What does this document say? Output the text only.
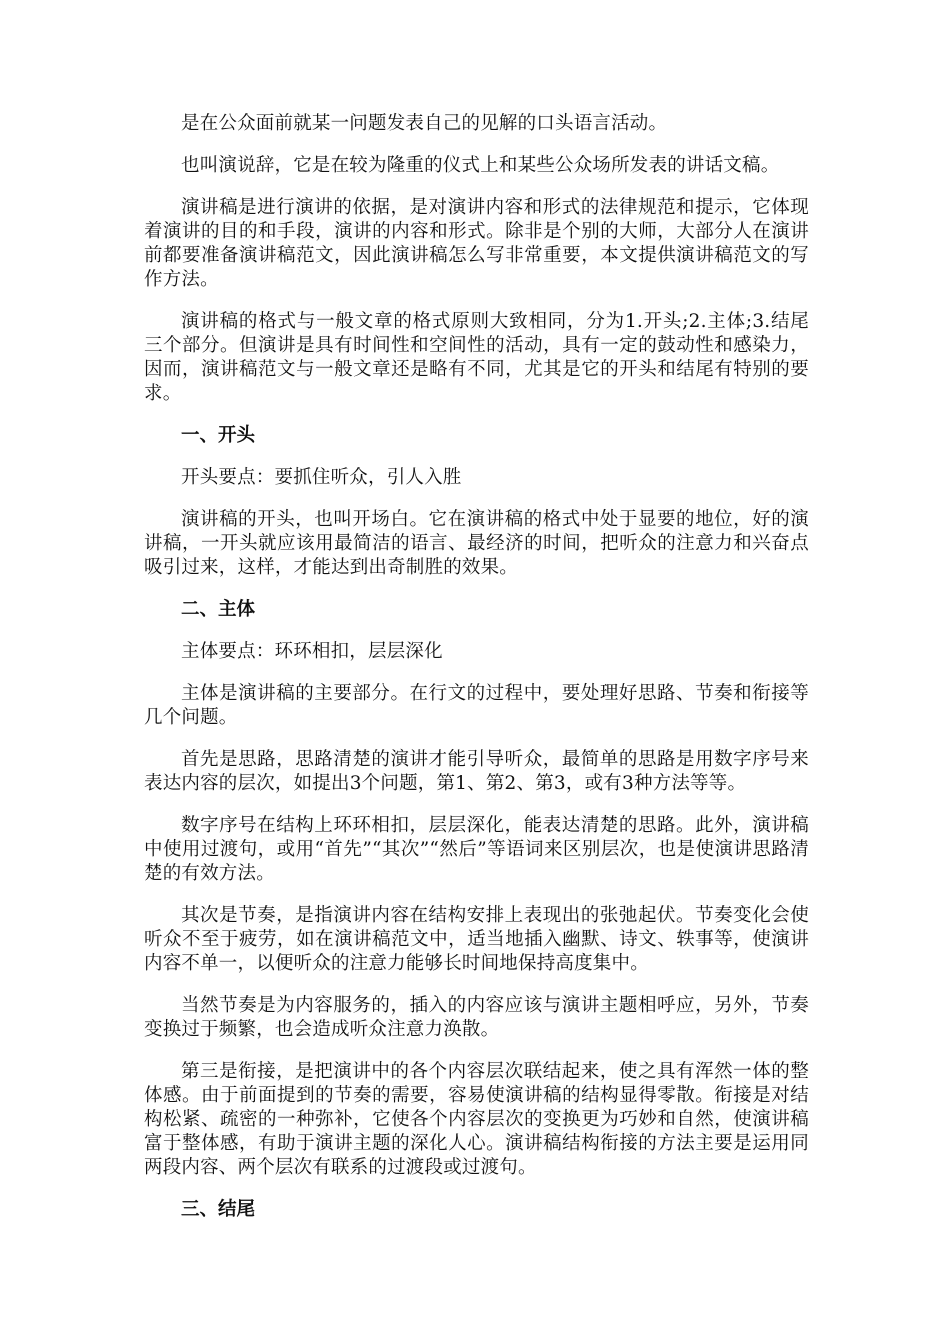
是在公众面前就某一问题发表自己的见解的口头语言活动。

也叫演说辞，它是在较为隆重的仪式上和某些公众场所发表的讲话文稿。

演讲稿是进行演讲的依据，是对演讲内容和形式的法律规范和提示，它体现着演讲的目的和手段，演讲的内容和形式。除非是个别的大师，大部分人在演讲前都要准备演讲稿范文，因此演讲稿怎么写非常重要，本文提供演讲稿范文的写作方法。

演讲稿的格式与一般文章的格式原则大致相同，分为1.开头;2.主体;3.结尾三个部分。但演讲是具有时间性和空间性的活动，具有一定的鼓动性和感染力，因而，演讲稿范文与一般文章还是略有不同，尤其是它的开头和结尾有特别的要求。

一、开头

开头要点：要抓住听众，引人入胜

演讲稿的开头，也叫开场白。它在演讲稿的格式中处于显要的地位，好的演讲稿，一开头就应该用最简洁的语言、最经济的时间，把听众的注意力和兴奋点吸引过来，这样，才能达到出奇制胜的效果。

二、主体

主体要点：环环相扣，层层深化

主体是演讲稿的主要部分。在行文的过程中，要处理好思路、节奏和衔接等几个问题。

首先是思路，思路清楚的演讲才能引导听众，最简单的思路是用数字序号来表达内容的层次，如提出3个问题，第1、第2、第3，或有3种方法等等。

数字序号在结构上环环相扣，层层深化，能表达清楚的思路。此外，演讲稿中使用过渡句，或用“首先”“其次”“然后”等语词来区别层次，也是使演讲思路清楚的有效方法。

其次是节奏，是指演讲内容在结构安排上表现出的张弛起伏。节奏变化会使听众不至于疲劳，如在演讲稿范文中，适当地插入幽默、诗文、轶事等，使演讲内容不单一，以便听众的注意力能够长时间地保持高度集中。

当然节奏是为内容服务的，插入的内容应该与演讲主题相呼应，另外，节奏变换过于频繁，也会造成听众注意力涣散。

第三是衔接，是把演讲中的各个内容层次联结起来，使之具有浑然一体的整体感。由于前面提到的节奏的需要，容易使演讲稿的结构显得零散。衔接是对结构松紧、疏密的一种弥补，它使各个内容层次的变换更为巧妙和自然，使演讲稿富于整体感，有助于演讲主题的深化人心。演讲稿结构衔接的方法主要是运用同两段内容、两个层次有联系的过渡段或过渡句。

三、结尾
